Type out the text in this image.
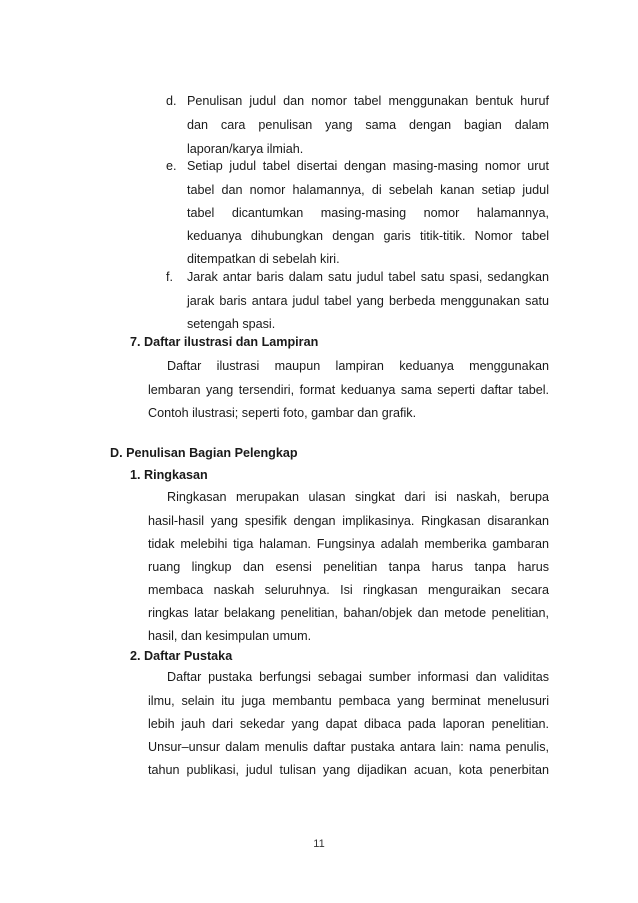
d. Penulisan judul dan nomor tabel menggunakan bentuk huruf
dan cara penulisan yang sama dengan bagian dalam
laporan/karya ilmiah.
e. Setiap judul tabel disertai dengan masing-masing nomor urut
tabel dan nomor halamannya, di sebelah kanan setiap judul
tabel dicantumkan masing-masing nomor halamannya,
keduanya dihubungkan dengan garis titik-titik. Nomor tabel
ditempatkan di sebelah kiri.
f. Jarak antar baris dalam satu judul tabel satu spasi, sedangkan
jarak baris antara judul tabel yang berbeda menggunakan satu
setengah spasi.
7. Daftar ilustrasi dan Lampiran
Daftar ilustrasi maupun lampiran keduanya menggunakan
lembaran yang tersendiri, format keduanya sama seperti daftar tabel.
Contoh ilustrasi; seperti foto, gambar dan grafik.
D. Penulisan Bagian Pelengkap
1. Ringkasan
Ringkasan merupakan ulasan singkat dari isi naskah, berupa
hasil-hasil yang spesifik dengan implikasinya. Ringkasan disarankan
tidak melebihi tiga halaman. Fungsinya adalah memberika gambaran
ruang lingkup dan esensi penelitian tanpa harus tanpa harus
membaca naskah seluruhnya. Isi ringkasan menguraikan secara
ringkas latar belakang penelitian, bahan/objek dan metode penelitian,
hasil, dan kesimpulan umum.
2. Daftar Pustaka
Daftar pustaka berfungsi sebagai sumber informasi dan validitas
ilmu, selain itu juga membantu pembaca yang berminat menelusuri
lebih jauh dari sekedar yang dapat dibaca pada laporan penelitian.
Unsur–unsur dalam menulis daftar pustaka antara lain: nama penulis,
tahun publikasi, judul tulisan yang dijadikan acuan, kota penerbitan
11
